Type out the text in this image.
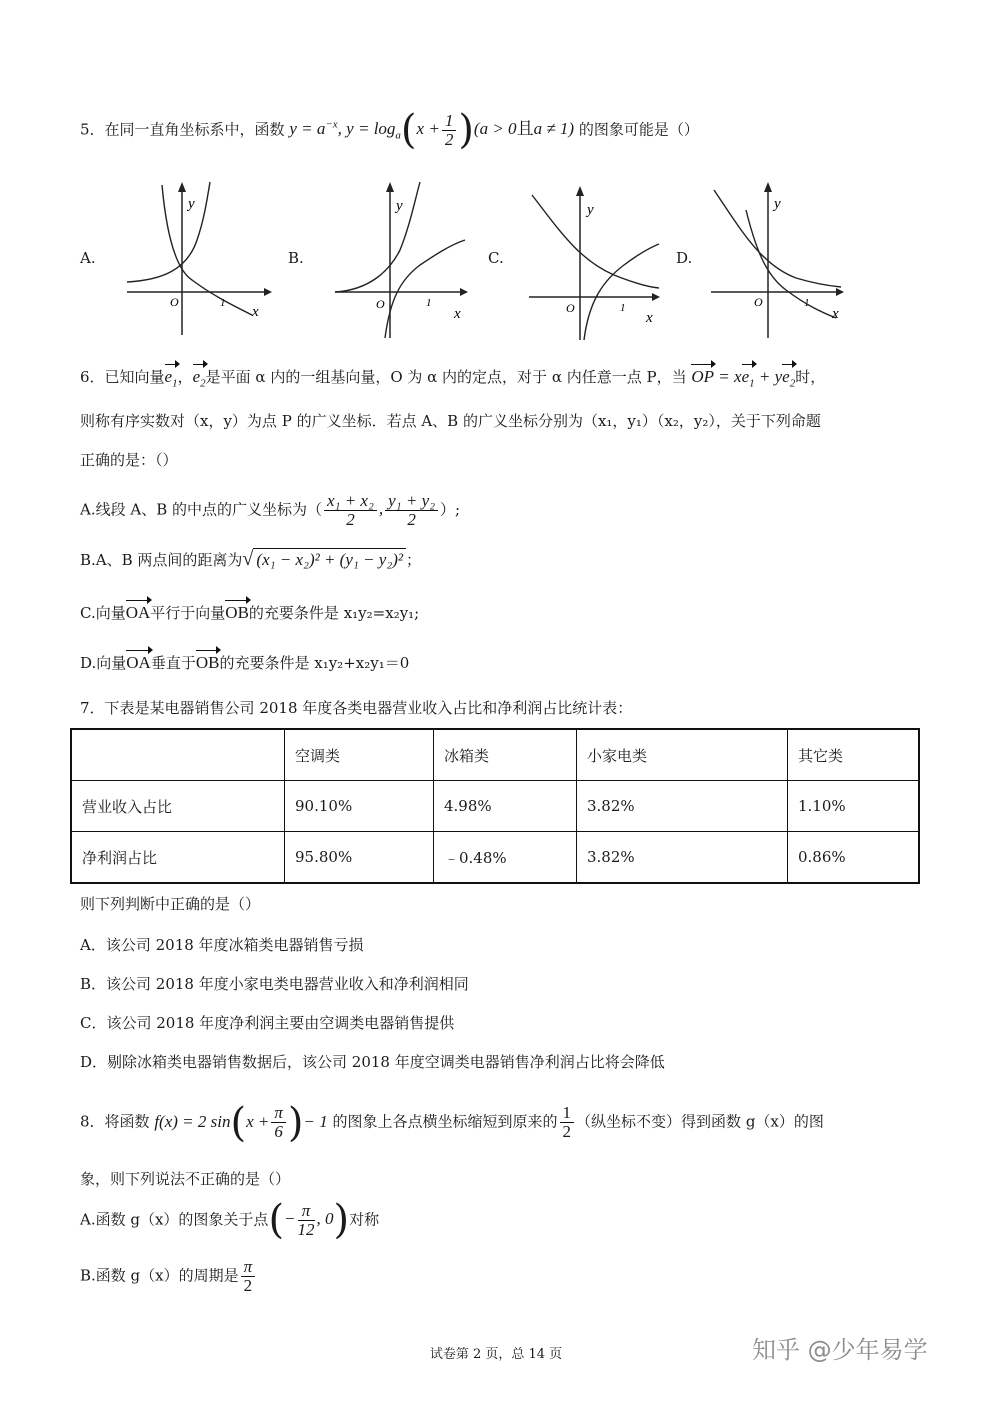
5．在同一直角坐标系中，函数 $y = a^{-x}$, $y = \log_a(x + \frac{1}{2} )(a > 0$且a ≠ 1) 的图象可能是（）
A.	B.	C.	D.
y
x
O	1
y
x
O	1
y
x
O	1
y
x
O	1
6．已知向量$e_1$，$e_2$是平面 α 内的一组基向量，O 为 α 内的定点，对于 α 内任意一点 P，当 OP = $xe_1 + ye_2$时，
则称有序实数对（x，y）为点 P 的广义坐标．若点 A、B 的广义坐标分别为（x₁，y₁）（x₂，y₂），关于下列命题
正确的是：（）
A.线段 A、B 的中点的广义坐标为（ $\frac{\text{x₁ + x₂}}{2}$ , $\frac{\text{y₁ + y₂}}{2}$ ）;
B.A、B 两点间的距离为√ (x₁ − x₂)² + (y₁ − y₂)² ；
C.向量OA平行于向量OB的充要条件是 x₁y₂=x₂y₁;
D.向量OA垂直于OB的充要条件是 x₁y₂+x₂y₁＝0
7．下表是某电器销售公司 2018 年度各类电器营业收入占比和净利润占比统计表：
	空调类	冰箱类	小家电类	其它类
营业收入占比	90.10%	4.98%	3.82%	1.10%
净利润占比	95.80%	﹣0.48%	3.82%	0.86%
则下列判断中正确的是（）
A．该公司 2018 年度冰箱类电器销售亏损
B．该公司 2018 年度小家电类电器营业收入和净利润相同
C．该公司 2018 年度净利润主要由空调类电器销售提供
D．剔除冰箱类电器销售数据后，该公司 2018 年度空调类电器销售净利润占比将会降低
8．将函数 f(x) = 2 $\sin(x + \frac{\pi}{6}$ )− 1 的图象上各点横坐标缩短到原来的 $\frac{1}{2}$ （纵坐标不变）得到函数 g（x）的图
象，则下列说法不正确的是（）
A.函数 g（x）的图象关于点(− $\frac{\pi}{12}$ , 0)对称
B.函数 g（x）的周期是 $\frac{\pi}{2}$
试卷第 2 页，总 14 页	知乎 @少年易学
